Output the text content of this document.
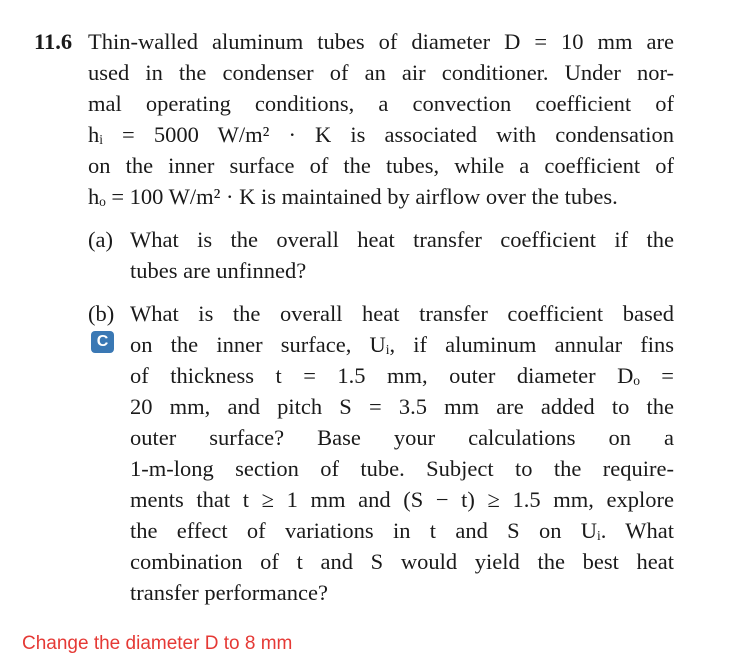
11.6 Thin-walled aluminum tubes of diameter D = 10 mm are
used in the condenser of an air conditioner. Under nor-
mal operating conditions, a convection coefficient of
hᵢ = 5000 W/m² · K is associated with condensation
on the inner surface of the tubes, while a coefficient of
hₒ = 100 W/m² · K is maintained by airflow over the tubes.
(a) What is the overall heat transfer coefficient if the
tubes are unfinned?
(b) What is the overall heat transfer coefficient based
on the inner surface, Uᵢ, if aluminum annular fins
of thickness t = 1.5 mm, outer diameter Dₒ =
20 mm, and pitch S = 3.5 mm are added to the
outer surface? Base your calculations on a
1-m-long section of tube. Subject to the require-
ments that t ≥ 1 mm and (S − t) ≥ 1.5 mm, explore
the effect of variations in t and S on Uᵢ. What
combination of t and S would yield the best heat
transfer performance?
C
Change the diameter D to 8 mm
